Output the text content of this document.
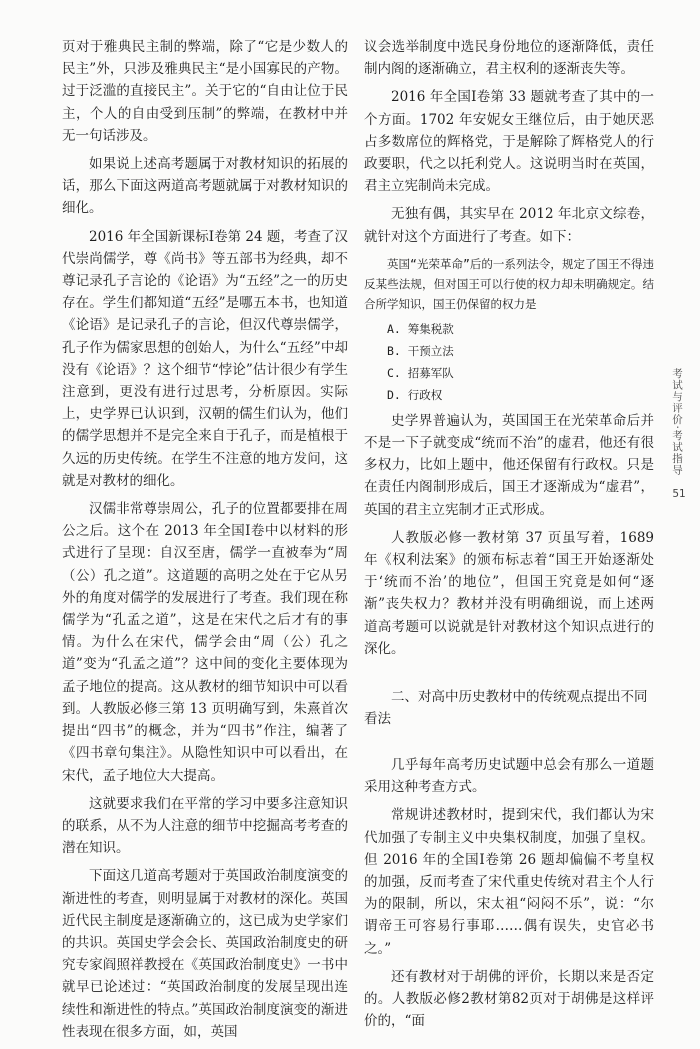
页对于雅典民主制的弊端，除了“它是少数人的民主”外，只涉及雅典民主“是小国寡民的产物。过于泛滥的直接民主”。关于它的“自由让位于民主，个人的自由受到压制”的弊端，在教材中并无一句话涉及。

如果说上述高考题属于对教材知识的拓展的话，那么下面这两道高考题就属于对教材知识的细化。

2016 年全国新课标Ⅰ卷第 24 题，考查了汉代崇尚儒学，尊《尚书》等五部书为经典，却不尊记录孔子言论的《论语》为“五经”之一的历史存在。学生们都知道“五经”是哪五本书，也知道《论语》是记录孔子的言论，但汉代尊崇儒学，孔子作为儒家思想的创始人，为什么“五经”中却没有《论语》？这个细节“悖论”估计很少有学生注意到，更没有进行过思考，分析原因。实际上，史学界已认识到，汉朝的儒生们认为，他们的儒学思想并不是完全来自于孔子，而是植根于久远的历史传统。在学生不注意的地方发问，这就是对教材的细化。

汉儒非常尊崇周公，孔子的位置都要排在周公之后。这个在 2013 年全国Ⅰ卷中以材料的形式进行了呈现：自汉至唐，儒学一直被奉为“周（公）孔之道”。这道题的高明之处在于它从另外的角度对儒学的发展进行了考查。我们现在称儒学为“孔孟之道”，这是在宋代之后才有的事情。为什么在宋代，儒学会由“周（公）孔之道”变为“孔孟之道”？这中间的变化主要体现为孟子地位的提高。这从教材的细节知识中可以看到。人教版必修三第 13 页明确写到，朱熹首次提出“四书”的概念，并为“四书”作注，编著了《四书章句集注》。从隐性知识中可以看出，在宋代，孟子地位大大提高。

这就要求我们在平常的学习中要多注意知识的联系，从不为人注意的细节中挖掘高考考查的潜在知识。

下面这几道高考题对于英国政治制度演变的渐进性的考查，则明显属于对教材的深化。英国近代民主制度是逐渐确立的，这已成为史学家们的共识。英国史学会会长、英国政治制度史的研究专家阎照祥教授在《英国政治制度史》一书中就早已论述过：“英国政治制度的发展呈现出连续性和渐进性的特点。”英国政治制度演变的渐进性表现在很多方面，如，英国

议会选举制度中选民身份地位的逐渐降低，责任制内阁的逐渐确立，君主权利的逐渐丧失等。

2016 年全国Ⅰ卷第 33 题就考查了其中的一个方面。1702 年安妮女王继位后，由于她厌恶占多数席位的辉格党，于是解除了辉格党人的行政要职，代之以托利党人。这说明当时在英国，君主立宪制尚未完成。

无独有偶，其实早在 2012 年北京文综卷，就针对这个方面进行了考查。如下：

英国“光荣革命”后的一系列法令，规定了国王不得违反某些法规，但对国王可以行使的权力却未明确规定。结合所学知识，国王仍保留的权力是

A. 筹集税款
B. 干预立法
C. 招募军队
D. 行政权

史学界普遍认为，英国国王在光荣革命后并不是一下子就变成“统而不治”的虚君，他还有很多权力，比如上题中，他还保留有行政权。只是在责任内阁制形成后，国王才逐渐成为“虚君”，英国的君主立宪制才正式形成。

人教版必修一教材第 37 页虽写着，1689 年《权利法案》的颁布标志着“国王开始逐渐处于‘统而不治’的地位”，但国王究竟是如何“逐渐”丧失权力？教材并没有明确细说，而上述两道高考题可以说就是针对教材这个知识点进行的深化。

二、对高中历史教材中的传统观点提出不同看法

几乎每年高考历史试题中总会有那么一道题采用这种考查方式。

常规讲述教材时，提到宋代，我们都认为宋代加强了专制主义中央集权制度，加强了皇权。但 2016 年的全国Ⅰ卷第 26 题却偏偏不考皇权的加强，反而考查了宋代重史传统对君主个人行为的限制，所以，宋太祖“闷闷不乐”，说：“尔谓帝王可容易行事耶……偶有误失，史官必书之。”

还有教材对于胡佛的评价，长期以来是否定的。人教版必修2教材第82页对于胡佛是这样评价的，“面

考试与评价·考试指导
51
